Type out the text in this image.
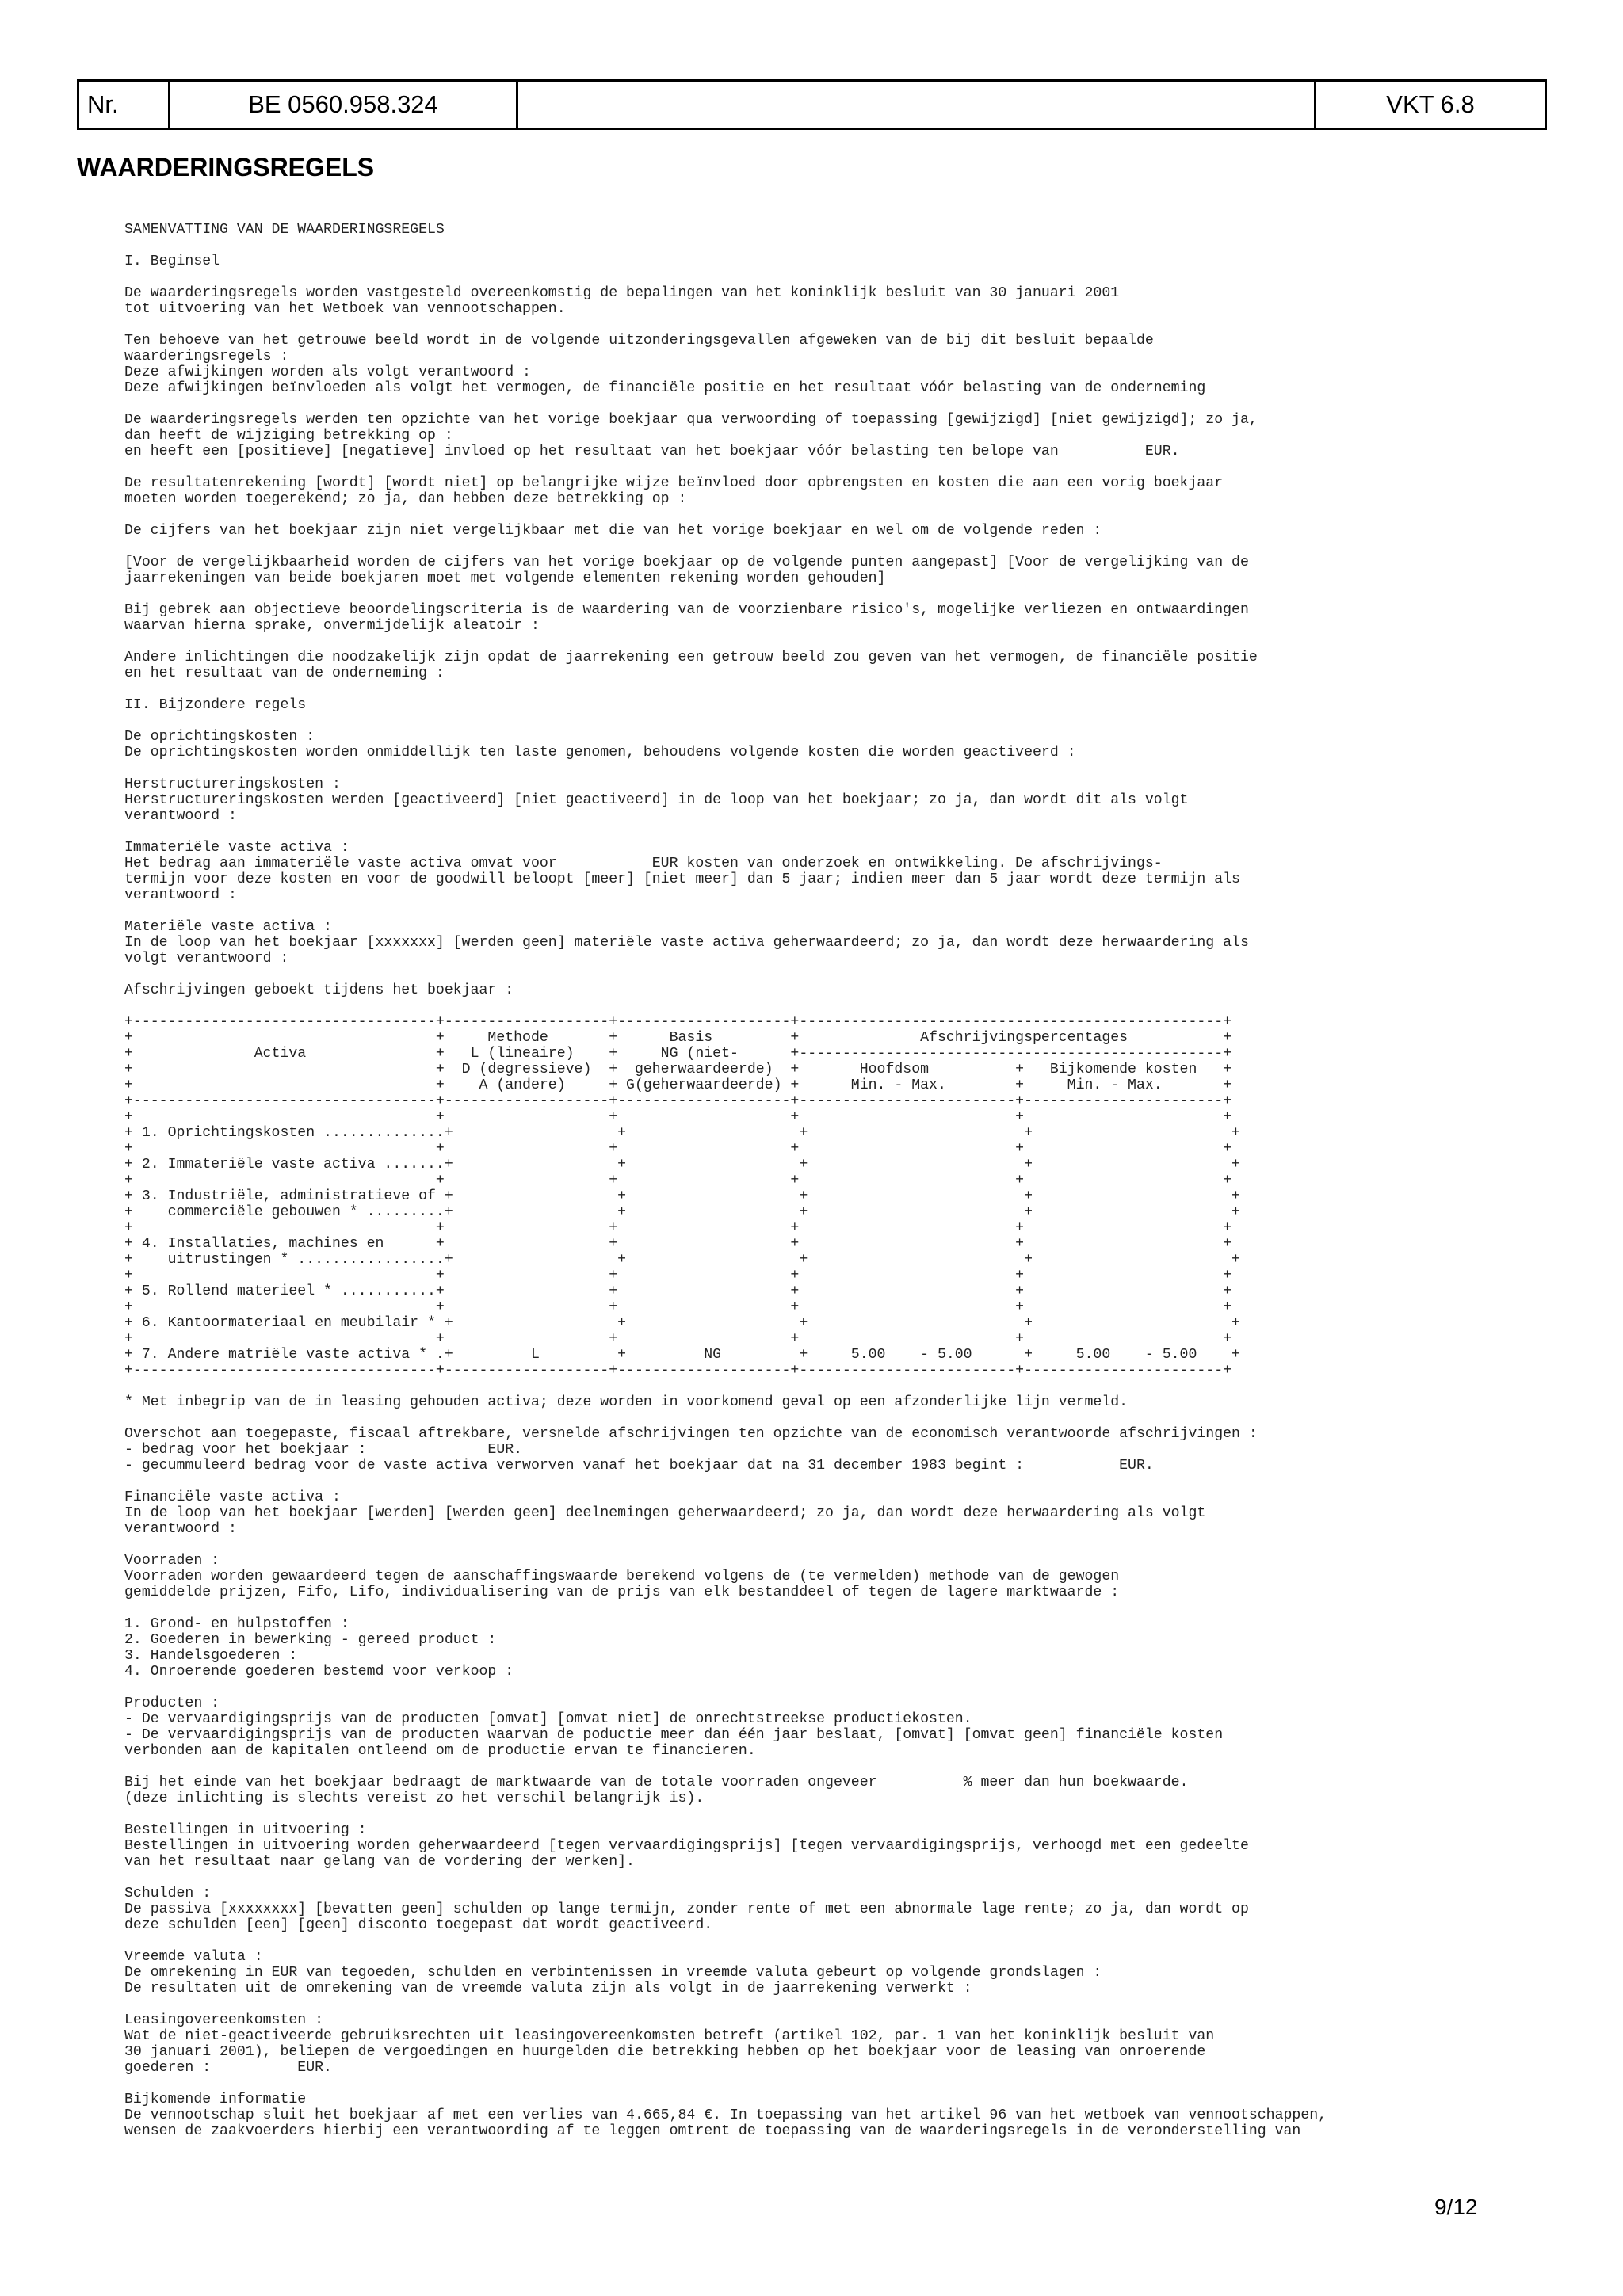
Nr.	BE 0560.958.324	VKT 6.8
WAARDERINGSREGELS
SAMENVATTING VAN DE WAARDERINGSREGELS
I. Beginsel
De waarderingsregels worden vastgesteld overeenkomstig de bepalingen van het koninklijk besluit van 30 januari 2001
tot uitvoering van het Wetboek van vennootschappen.
Ten behoeve van het getrouwe beeld wordt in de volgende uitzonderingsgevallen afgeweken van de bij dit besluit bepaalde
waarderingsregels :
Deze afwijkingen worden als volgt verantwoord :
Deze afwijkingen beïnvloeden als volgt het vermogen, de financiële positie en het resultaat vóór belasting van de onderneming
De waarderingsregels werden ten opzichte van het vorige boekjaar qua verwoording of toepassing [gewijzigd] [niet gewijzigd]; zo ja,
dan heeft de wijziging betrekking op :
en heeft een [positieve] [negatieve] invloed op het resultaat van het boekjaar vóór belasting ten belope van          EUR.
De resultatenrekening [wordt] [wordt niet] op belangrijke wijze beïnvloed door opbrengsten en kosten die aan een vorig boekjaar
moeten worden toegerekend; zo ja, dan hebben deze betrekking op :
De cijfers van het boekjaar zijn niet vergelijkbaar met die van het vorige boekjaar en wel om de volgende reden :
[Voor de vergelijkbaarheid worden de cijfers van het vorige boekjaar op de volgende punten aangepast] [Voor de vergelijking van de
jaarrekeningen van beide boekjaren moet met volgende elementen rekening worden gehouden]
Bij gebrek aan objectieve beoordelingscriteria is de waardering van de voorzienbare risico's, mogelijke verliezen en ontwaardingen
waarvan hierna sprake, onvermijdelijk aleatoir :
Andere inlichtingen die noodzakelijk zijn opdat de jaarrekening een getrouw beeld zou geven van het vermogen, de financiële positie
en het resultaat van de onderneming :
II. Bijzondere regels
De oprichtingskosten :
De oprichtingskosten worden onmiddellijk ten laste genomen, behoudens volgende kosten die worden geactiveerd :
Herstructureringskosten :
Herstructureringskosten werden [geactiveerd] [niet geactiveerd] in de loop van het boekjaar; zo ja, dan wordt dit als volgt
verantwoord :
Immateriële vaste activa :
Het bedrag aan immateriële vaste activa omvat voor           EUR kosten van onderzoek en ontwikkeling. De afschrijvings-
termijn voor deze kosten en voor de goodwill beloopt [meer] [niet meer] dan 5 jaar; indien meer dan 5 jaar wordt deze termijn als
verantwoord :
Materiële vaste activa :
In de loop van het boekjaar [xxxxxxx] [werden geen] materiële vaste activa geherwaardeerd; zo ja, dan wordt deze herwaardering als
volgt verantwoord :
Afschrijvingen geboekt tijdens het boekjaar :
+-----------------------------------+-------------------+--------------------+-------------------------------------------------+
+                                   +     Methode       +      Basis         +              Afschrijvingspercentages           +
+              Activa               +   L (lineaire)    +     NG (niet-      +-------------------------------------------------+
+                                   +  D (degressieve)  +  geherwaardeerde)  +       Hoofdsom          +   Bijkomende kosten   +
+                                   +    A (andere)     + G(geherwaardeerde) +      Min. - Max.        +     Min. - Max.       +
+-----------------------------------+-------------------+--------------------+-------------------------+-----------------------+
+                                   +                   +                    +                         +                       +
+ 1. Oprichtingskosten ..............+                   +                    +                         +                       +
+                                   +                   +                    +                         +                       +
+ 2. Immateriële vaste activa .......+                   +                    +                         +                       +
+                                   +                   +                    +                         +                       +
+ 3. Industriële, administratieve of +                   +                    +                         +                       +
+    commerciële gebouwen * .........+                   +                    +                         +                       +
+                                   +                   +                    +                         +                       +
+ 4. Installaties, machines en      +                   +                    +                         +                       +
+    uitrustingen * .................+                   +                    +                         +                       +
+                                   +                   +                    +                         +                       +
+ 5. Rollend materieel * ...........+                   +                    +                         +                       +
+                                   +                   +                    +                         +                       +
+ 6. Kantoormateriaal en meubilair * +                   +                    +                         +                       +
+                                   +                   +                    +                         +                       +
+ 7. Andere matriële vaste activa * .+         L         +         NG         +     5.00    - 5.00      +     5.00    - 5.00    +
+-----------------------------------+-------------------+--------------------+-------------------------+-----------------------+
* Met inbegrip van de in leasing gehouden activa; deze worden in voorkomend geval op een afzonderlijke lijn vermeld.
Overschot aan toegepaste, fiscaal aftrekbare, versnelde afschrijvingen ten opzichte van de economisch verantwoorde afschrijvingen :
- bedrag voor het boekjaar :              EUR.
- gecummuleerd bedrag voor de vaste activa verworven vanaf het boekjaar dat na 31 december 1983 begint :           EUR.
Financiële vaste activa :
In de loop van het boekjaar [werden] [werden geen] deelnemingen geherwaardeerd; zo ja, dan wordt deze herwaardering als volgt
verantwoord :
Voorraden :
Voorraden worden gewaardeerd tegen de aanschaffingswaarde berekend volgens de (te vermelden) methode van de gewogen
gemiddelde prijzen, Fifo, Lifo, individualisering van de prijs van elk bestanddeel of tegen de lagere marktwaarde :
1. Grond- en hulpstoffen :
2. Goederen in bewerking - gereed product :
3. Handelsgoederen :
4. Onroerende goederen bestemd voor verkoop :
Producten :
- De vervaardigingsprijs van de producten [omvat] [omvat niet] de onrechtstreekse productiekosten.
- De vervaardigingsprijs van de producten waarvan de poductie meer dan één jaar beslaat, [omvat] [omvat geen] financiële kosten
verbonden aan de kapitalen ontleend om de productie ervan te financieren.
Bij het einde van het boekjaar bedraagt de marktwaarde van de totale voorraden ongeveer          % meer dan hun boekwaarde.
(deze inlichting is slechts vereist zo het verschil belangrijk is).
Bestellingen in uitvoering :
Bestellingen in uitvoering worden geherwaardeerd [tegen vervaardigingsprijs] [tegen vervaardigingsprijs, verhoogd met een gedeelte
van het resultaat naar gelang van de vordering der werken].
Schulden :
De passiva [xxxxxxxx] [bevatten geen] schulden op lange termijn, zonder rente of met een abnormale lage rente; zo ja, dan wordt op
deze schulden [een] [geen] disconto toegepast dat wordt geactiveerd.
Vreemde valuta :
De omrekening in EUR van tegoeden, schulden en verbintenissen in vreemde valuta gebeurt op volgende grondslagen :
De resultaten uit de omrekening van de vreemde valuta zijn als volgt in de jaarrekening verwerkt :
Leasingovereenkomsten :
Wat de niet-geactiveerde gebruiksrechten uit leasingovereenkomsten betreft (artikel 102, par. 1 van het koninklijk besluit van
30 januari 2001), beliepen de vergoedingen en huurgelden die betrekking hebben op het boekjaar voor de leasing van onroerende
goederen :          EUR.
Bijkomende informatie
De vennootschap sluit het boekjaar af met een verlies van 4.665,84 €. In toepassing van het artikel 96 van het wetboek van vennootschappen,
wensen de zaakvoerders hierbij een verantwoording af te leggen omtrent de toepassing van de waarderingsregels in de veronderstelling van
9/12
